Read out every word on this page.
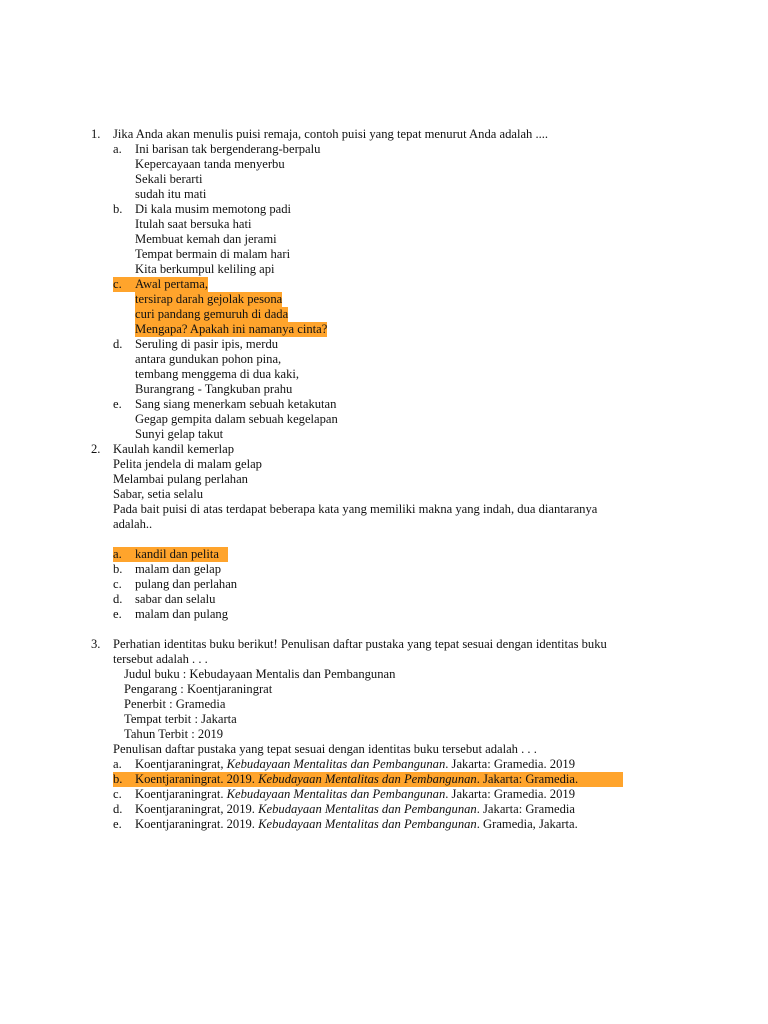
1. Jika Anda akan menulis puisi remaja, contoh puisi yang tepat menurut Anda adalah ....
a. Ini barisan tak bergenderang-berpalu
Kepercayaan tanda menyerbu
Sekali berarti
sudah itu mati
b. Di kala musim memotong padi
Itulah saat bersuka hati
Membuat kemah dan jerami
Tempat bermain di malam hari
Kita berkumpul keliling api
c. Awal pertama,
tersirap darah gejolak pesona
curi pandang gemuruh di dada
Mengapa? Apakah ini namanya cinta?
d. Seruling di pasir ipis, merdu
antara gundukan pohon pina,
tembang menggema di dua kaki,
Burangrang - Tangkuban prahu
e. Sang siang menerkam sebuah ketakutan
Gegap gempita dalam sebuah kegelapan
Sunyi gelap takut
2. Kaulah kandil kemerlap
Pelita jendela di malam gelap
Melambai pulang perlahan
Sabar, setia selalu
Pada bait puisi di atas terdapat beberapa kata yang memiliki makna yang indah, dua diantaranya
adalah..
a. kandil dan pelita
b. malam dan gelap
c. pulang dan perlahan
d. sabar dan selalu
e. malam dan pulang
3. Perhatian identitas buku berikut! Penulisan daftar pustaka yang tepat sesuai dengan identitas buku
tersebut adalah . . .
Judul buku : Kebudayaan Mentalis dan Pembangunan
Pengarang : Koentjaraningrat
Penerbit : Gramedia
Tempat terbit : Jakarta
Tahun Terbit : 2019
Penulisan daftar pustaka yang tepat sesuai dengan identitas buku tersebut adalah . . .
a. Koentjaraningrat, Kebudayaan Mentalitas dan Pembangunan. Jakarta: Gramedia. 2019
b. Koentjaraningrat. 2019. Kebudayaan Mentalitas dan Pembangunan. Jakarta: Gramedia.
c. Koentjaraningrat. Kebudayaan Mentalitas dan Pembangunan. Jakarta: Gramedia. 2019
d. Koentjaraningrat, 2019. Kebudayaan Mentalitas dan Pembangunan. Jakarta: Gramedia
e. Koentjaraningrat. 2019. Kebudayaan Mentalitas dan Pembangunan. Gramedia, Jakarta.
